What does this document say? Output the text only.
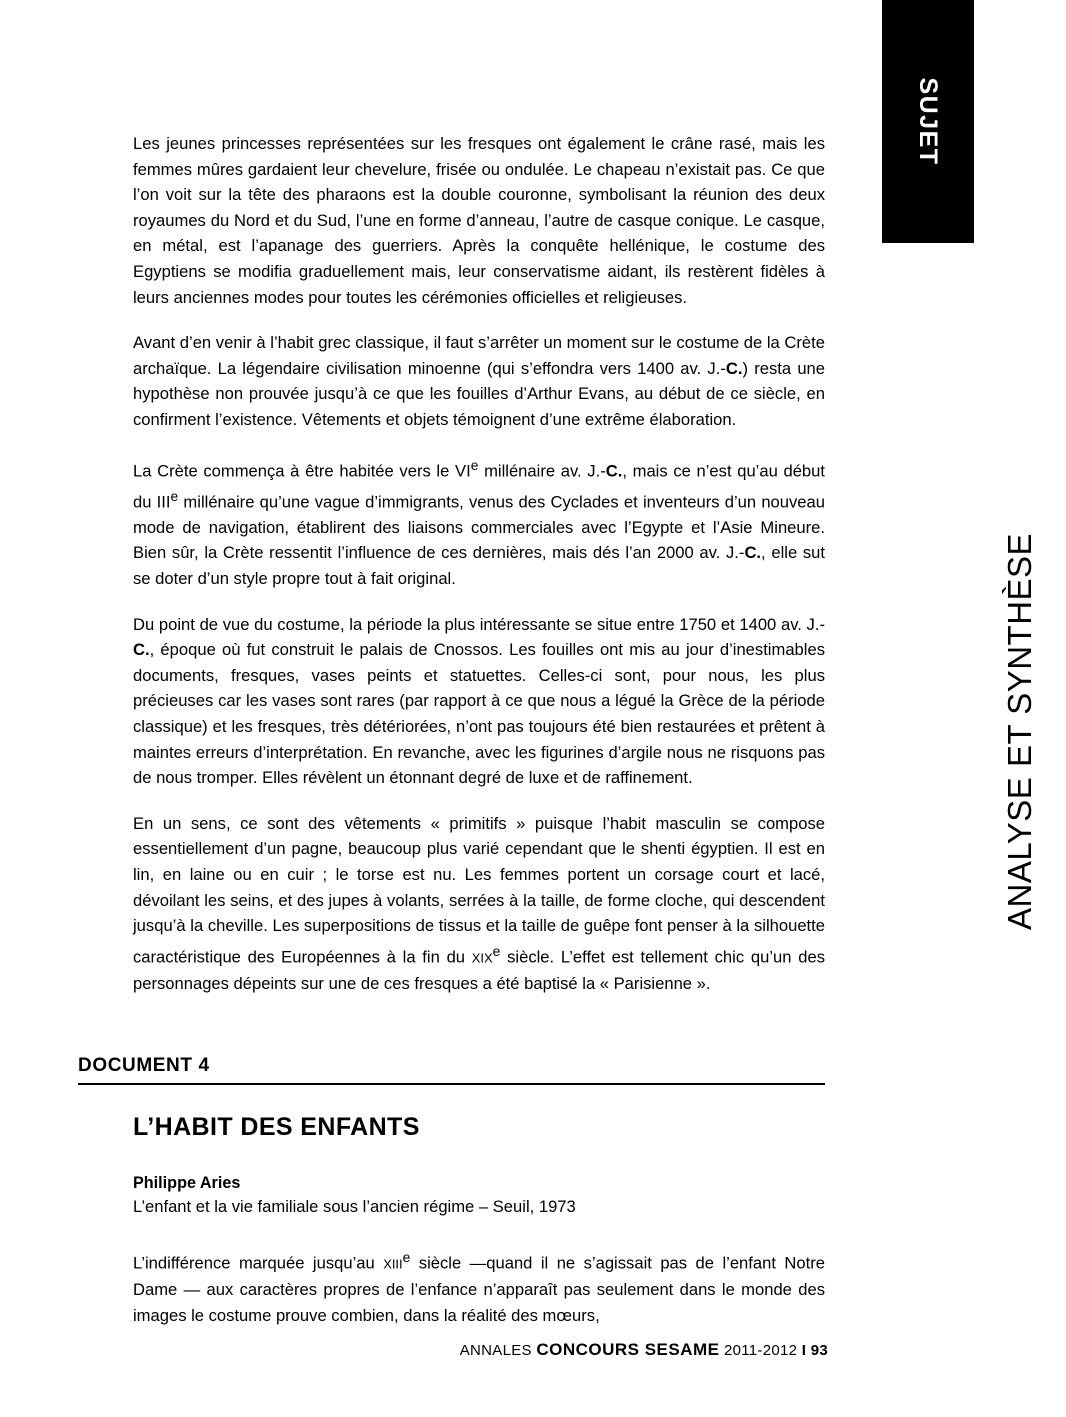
Les jeunes princesses représentées sur les fresques ont également le crâne rasé, mais les femmes mûres gardaient leur chevelure, frisée ou ondulée. Le chapeau n’existait pas. Ce que l’on voit sur la tête des pharaons est la double couronne, symbolisant la réunion des deux royaumes du Nord et du Sud, l’une en forme d’anneau, l’autre de casque conique. Le casque, en métal, est l’apanage des guerriers. Après la conquête hellénique, le costume des Egyptiens se modifia graduellement mais, leur conservatisme aidant, ils restèrent fidèles à leurs anciennes modes pour toutes les cérémonies officielles et religieuses.

Avant d’en venir à l’habit grec classique, il faut s’arrêter un moment sur le costume de la Crète archaïque. La légendaire civilisation minoenne (qui s’effondra vers 1400 av. J.-C.) resta une hypothèse non prouvée jusqu’à ce que les fouilles d’Arthur Evans, au début de ce siècle, en confirment l’existence. Vêtements et objets témoignent d’une extrême élaboration.

La Crète commença à être habitée vers le VIe millénaire av. J.-C., mais ce n’est qu’au début du IIIe millénaire qu’une vague d’immigrants, venus des Cyclades et inventeurs d’un nouveau mode de navigation, établirent des liaisons commerciales avec l’Egypte et l’Asie Mineure. Bien sûr, la Crète ressentit l’influence de ces dernières, mais dés l’an 2000 av. J.-C., elle sut se doter d’un style propre tout à fait original.

Du point de vue du costume, la période la plus intéressante se situe entre 1750 et 1400 av. J.-C., époque où fut construit le palais de Cnossos. Les fouilles ont mis au jour d’inestimables documents, fresques, vases peints et statuettes. Celles-ci sont, pour nous, les plus précieuses car les vases sont rares (par rapport à ce que nous a légué la Grèce de la période classique) et les fresques, très détériorées, n’ont pas toujours été bien restaurées et prêtent à maintes erreurs d’interprétation. En revanche, avec les figurines d’argile nous ne risquons pas de nous tromper. Elles révèlent un étonnant degré de luxe et de raffinement.

En un sens, ce sont des vêtements « primitifs » puisque l’habit masculin se compose essentiellement d’un pagne, beaucoup plus varié cependant que le shenti égyptien. Il est en lin, en laine ou en cuir ; le torse est nu. Les femmes portent un corsage court et lacé, dévoilant les seins, et des jupes à volants, serrées à la taille, de forme cloche, qui descendent jusqu’à la cheville. Les superpositions de tissus et la taille de guêpe font penser à la silhouette caractéristique des Européennes à la fin du XIXe siècle. L’effet est tellement chic qu’un des personnages dépeints sur une de ces fresques a été baptisé la « Parisienne ».

DOCUMENT 4
L’HABIT DES ENFANTS
Philippe Aries
L’enfant et la vie familiale sous l’ancien régime – Seuil, 1973

L’indifférence marquée jusqu’au XIIIe siècle —quand il ne s’agissait pas de l’enfant Notre Dame — aux caractères propres de l’enfance n’apparaît pas seulement dans le monde des images le costume prouve combien, dans la réalité des mœurs,

ANNALES CONCOURS SESAME 2011-2012 I 93
SUJET
ANALYSE ET SYNTHÈSE
